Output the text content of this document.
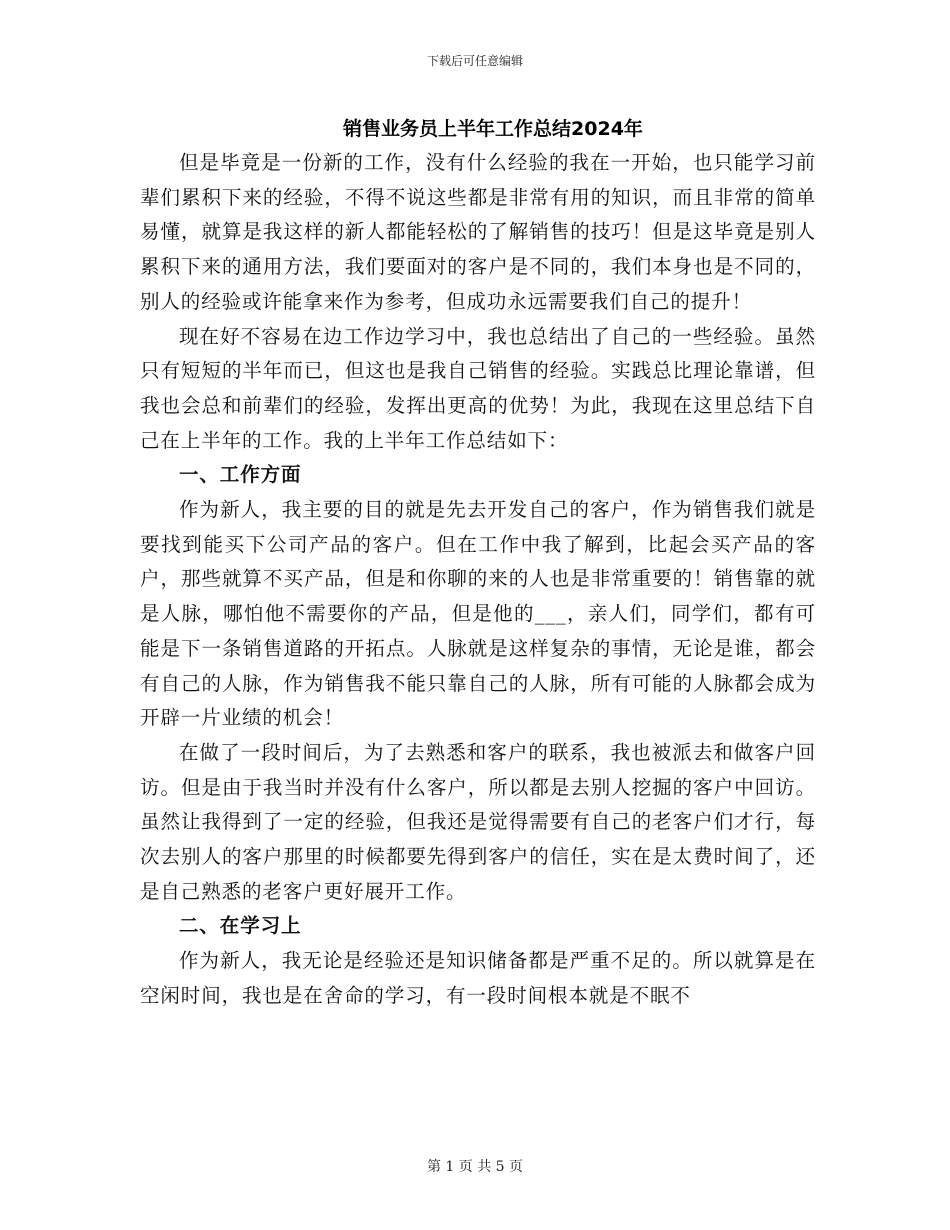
下载后可任意编辑
销售业务员上半年工作总结2024年

但是毕竟是一份新的工作，没有什么经验的我在一开始，也只能学习前辈们累积下来的经验，不得不说这些都是非常有用的知识，而且非常的简单易懂，就算是我这样的新人都能轻松的了解销售的技巧！但是这毕竟是别人累积下来的通用方法，我们要面对的客户是不同的，我们本身也是不同的，别人的经验或许能拿来作为参考，但成功永远需要我们自己的提升！

现在好不容易在边工作边学习中，我也总结出了自己的一些经验。虽然只有短短的半年而已，但这也是我自己销售的经验。实践总比理论靠谱，但我也会总和前辈们的经验，发挥出更高的优势！为此，我现在这里总结下自己在上半年的工作。我的上半年工作总结如下：

一、工作方面

作为新人，我主要的目的就是先去开发自己的客户，作为销售我们就是要找到能买下公司产品的客户。但在工作中我了解到，比起会买产品的客户，那些就算不买产品，但是和你聊的来的人也是非常重要的！销售靠的就是人脉，哪怕他不需要你的产品，但是他的___，亲人们，同学们，都有可能是下一条销售道路的开拓点。人脉就是这样复杂的事情，无论是谁，都会有自己的人脉，作为销售我不能只靠自己的人脉，所有可能的人脉都会成为开辟一片业绩的机会！

在做了一段时间后，为了去熟悉和客户的联系，我也被派去和做客户回访。但是由于我当时并没有什么客户，所以都是去别人挖掘的客户中回访。虽然让我得到了一定的经验，但我还是觉得需要有自己的老客户们才行，每次去别人的客户那里的时候都要先得到客户的信任，实在是太费时间了，还是自己熟悉的老客户更好展开工作。

二、在学习上

作为新人，我无论是经验还是知识储备都是严重不足的。所以就算是在空闲时间，我也是在舍命的学习，有一段时间根本就是不眠不

第 1 页 共 5 页
